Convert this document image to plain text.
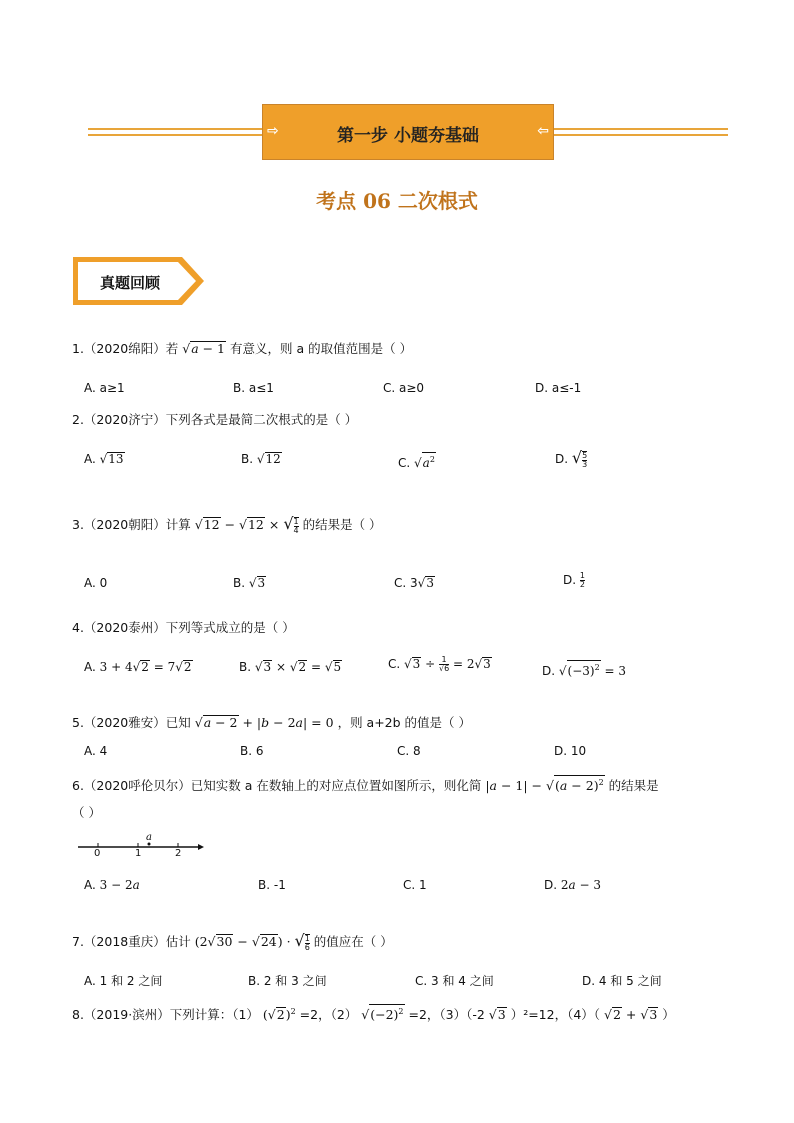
⇨	第一步 小题夯基础	⇦
考点 06 二次根式
真题回顾
1.（2020绵阳）若 √a − 1 有意义，则 a 的取值范围是（ ）
A. a≥1	B. a≤1	C. a≥0	D. a≤-1
2.（2020济宁）下列各式是最简二次根式的是（ ）
A. √13	B. √12	C. $√a^2$	D. √ $\frac{5}{3}$
3.（2020朝阳）计算 √12 − √12 × √ $\frac{1}{4}$ 的结果是（ ）
A. 0	B. √3	C. 3√3	D. $\frac{1}{2}$
4.（2020泰州）下列等式成立的是（ ）
A. 3 + 4√2 = 7√2	B. √3 × √2 = √5	C. $√3 \div \frac{1}{√6} = 2√3$	D. $√(-3)^2 = 3$
5.（2020雅安）已知 √a − 2 + |b − 2a| = 0 ，则 a+2b 的值是（ ）
A. 4	B. 6	C. 8	D. 10
6.（2020呼伦贝尔）已知实数 a 在数轴上的对应点位置如图所示，则化简 $|a - 1| - √(a - 2)^2$ 的结果是
（ ）
0	1	2
a
A. 3 − 2a	B. -1	C. 1	D. 2a − 3
7.（2018重庆）估计 (2√30 − √24) · √ $\frac{1}{6}$ 的值应在（ ）
A. 1 和 2 之间	B. 2 和 3 之间	C. 3 和 4 之间	D. 4 和 5 之间
8.（2019·滨州）下列计算：（1） $(√2)^2 =2$，（2） $√(-2)^2 =2$，（3）（-2 √3 ）²=12，（4）（ √2 + √3 ）
